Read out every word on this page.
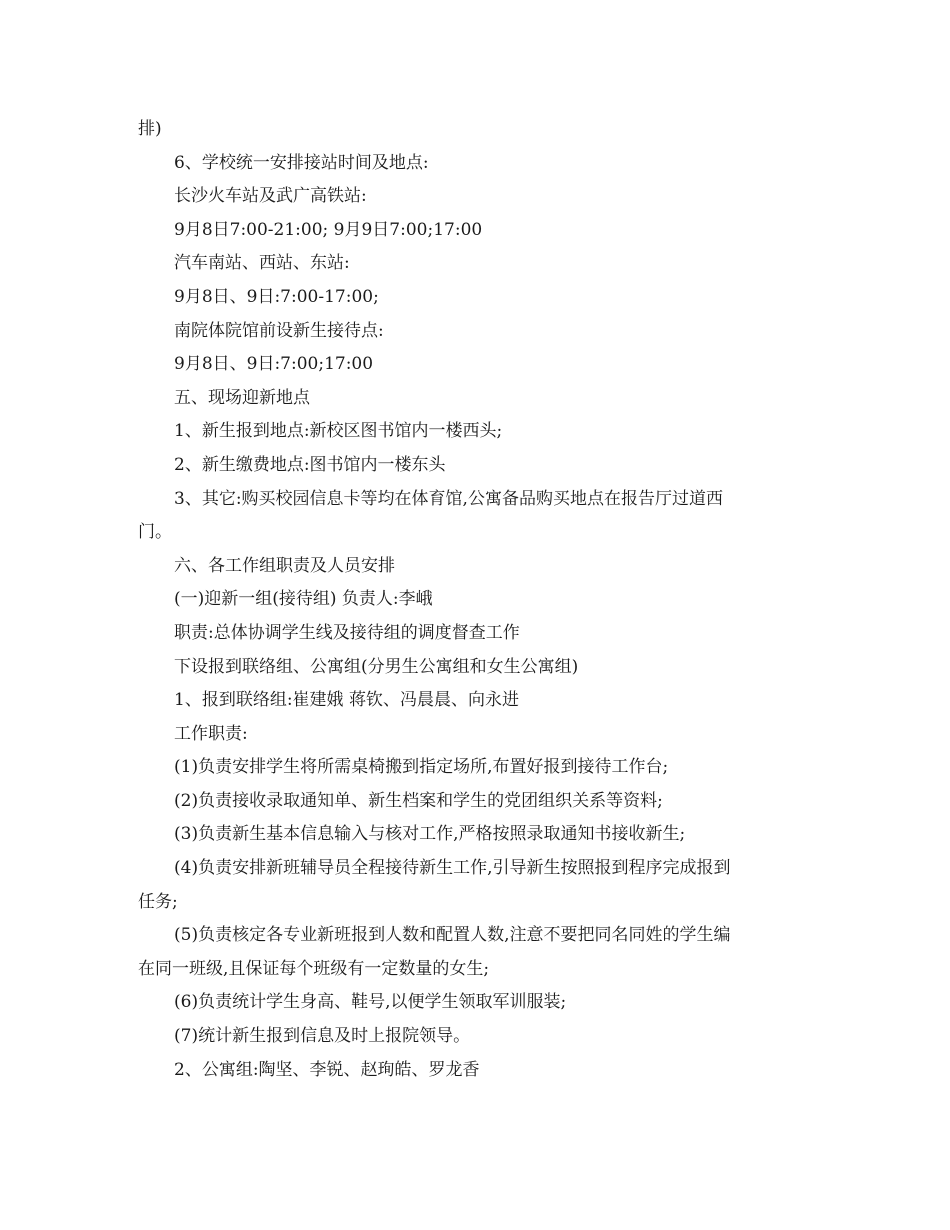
排)
6、学校统一安排接站时间及地点:
长沙火车站及武广高铁站:
9月8日7:00-21:00; 9月9日7:00;17:00
汽车南站、西站、东站:
9月8日、9日:7:00-17:00;
南院体院馆前设新生接待点:
9月8日、9日:7:00;17:00
五、现场迎新地点
1、新生报到地点:新校区图书馆内一楼西头;
2、新生缴费地点:图书馆内一楼东头
3、其它:购买校园信息卡等均在体育馆,公寓备品购买地点在报告厅过道西
门。
六、各工作组职责及人员安排
(一)迎新一组(接待组) 负责人:李峨
职责:总体协调学生线及接待组的调度督查工作
下设报到联络组、公寓组(分男生公寓组和女生公寓组)
1、报到联络组:崔建娥 蒋钦、冯晨晨、向永进
工作职责:
(1)负责安排学生将所需桌椅搬到指定场所,布置好报到接待工作台;
(2)负责接收录取通知单、新生档案和学生的党团组织关系等资料;
(3)负责新生基本信息输入与核对工作,严格按照录取通知书接收新生;
(4)负责安排新班辅导员全程接待新生工作,引导新生按照报到程序完成报到
任务;
(5)负责核定各专业新班报到人数和配置人数,注意不要把同名同姓的学生编
在同一班级,且保证每个班级有一定数量的女生;
(6)负责统计学生身高、鞋号,以便学生领取军训服装;
(7)统计新生报到信息及时上报院领导。
2、公寓组:陶坚、李锐、赵珣皓、罗龙香
